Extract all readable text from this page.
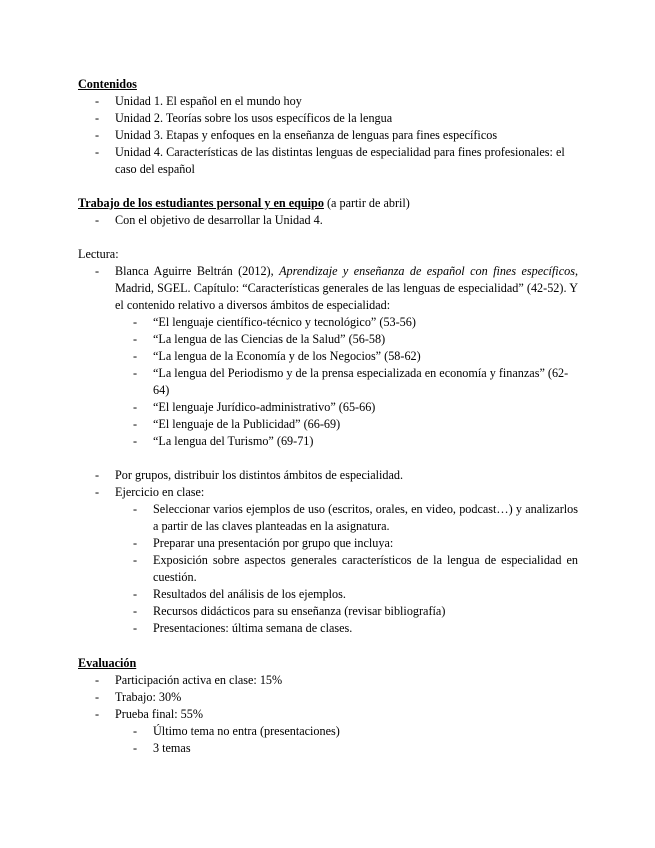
Contenidos
- Unidad 1. El español en el mundo hoy
- Unidad 2. Teorías sobre los usos específicos de la lengua
- Unidad 3. Etapas y enfoques en la enseñanza de lenguas para fines específicos
- Unidad 4. Características de las distintas lenguas de especialidad para fines profesionales: el caso del español
Trabajo de los estudiantes personal y en equipo (a partir de abril)
- Con el objetivo de desarrollar la Unidad 4.
Lectura:
- Blanca Aguirre Beltrán (2012), Aprendizaje y enseñanza de español con fines específicos, Madrid, SGEL. Capítulo: “Características generales de las lenguas de especialidad” (42-52). Y el contenido relativo a diversos ámbitos de especialidad:
- “El lenguaje científico-técnico y tecnológico” (53-56)
- “La lengua de las Ciencias de la Salud” (56-58)
- “La lengua de la Economía y de los Negocios” (58-62)
- “La lengua del Periodismo y de la prensa especializada en economía y finanzas” (62-64)
- “El lenguaje Jurídico-administrativo” (65-66)
- “El lenguaje de la Publicidad” (66-69)
- “La lengua del Turismo” (69-71)
- Por grupos, distribuir los distintos ámbitos de especialidad.
- Ejercicio en clase:
- Seleccionar varios ejemplos de uso (escritos, orales, en video, podcast…) y analizarlos a partir de las claves planteadas en la asignatura.
- Preparar una presentación por grupo que incluya:
- Exposición sobre aspectos generales característicos de la lengua de especialidad en cuestión.
- Resultados del análisis de los ejemplos.
- Recursos didácticos para su enseñanza (revisar bibliografía)
- Presentaciones: última semana de clases.
Evaluación
- Participación activa en clase: 15%
- Trabajo: 30%
- Prueba final: 55%
- Último tema no entra (presentaciones)
- 3 temas
